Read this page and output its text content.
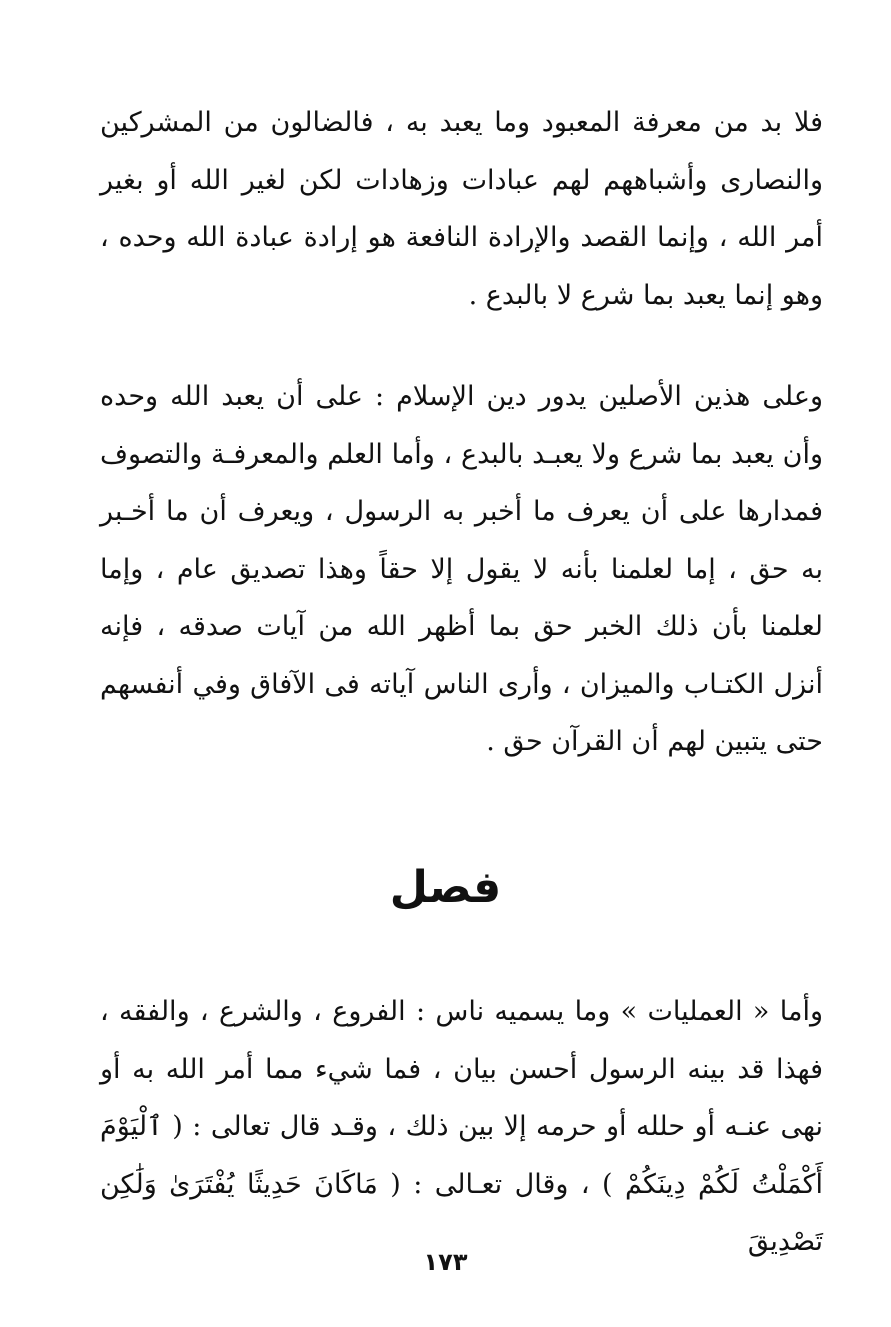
فلا بد من معرفة المعبود وما يعبد به ، فالضالون من المشركين والنصارى وأشباههم لهم عبادات وزهادات لكن لغير الله أو بغير أمر الله ، وإنما القصد والإرادة النافعة هو إرادة عبادة الله وحده ، وهو إنما يعبد بما شرع لا بالبدع .

وعلى هذين الأصلين يدور دين الإسلام : على أن يعبد الله وحده وأن يعبد بما شرع ولا يعبـد بالبدع ، وأما العلم والمعرفـة والتصوف فمدارها على أن يعرف ما أخبر به الرسول ، ويعرف أن ما أخـبر به حق ، إما لعلمنا بأنه لا يقول إلا حقاً وهذا تصديق عام ، وإما لعلمنا بأن ذلك الخبر حق بما أظهر الله من آيات صدقه ، فإنه أنزل الكتـاب والميزان ، وأرى الناس آياته فى الآفاق وفي أنفسهم حتى يتبين لهم أن القرآن حق .

فصل

وأما « العمليات » وما يسميه ناس : الفروع ، والشرع ، والفقه ، فهذا قد بينه الرسول أحسن بيان ، فما شيء مما أمر الله به أو نهى عنـه أو حلله أو حرمه إلا بين ذلك ، وقـد قال تعالى : ( ٱلْيَوْمَ أَكْمَلْتُ لَكُمْ دِينَكُمْ ) ، وقال تعـالى : ( مَاكَانَ حَدِيثًا يُفْتَرَىٰ وَلَٰكِن تَصْدِيقَ

١٧٣
